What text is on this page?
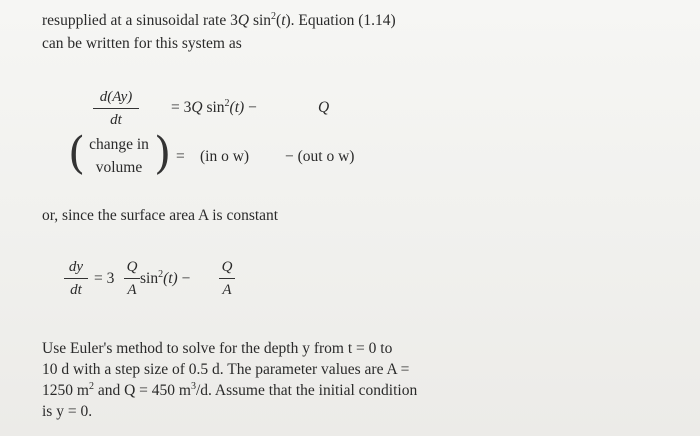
resupplied at a sinusoidal rate 3Q $\sin^2(t)$. Equation (1.14)
can be written for this system as
d(Ay)
dt
= 3Q $\sin^2(t)$ −	Q
( change in
volume ) = (in o w) − (out o w)
or, since the surface area A is constant
dy
dt
= 3
Q
A
$\sin^2(t)$ −
Q
A
Use Euler's method to solve for the depth y from t = 0 to
10 d with a step size of 0.5 d. The parameter values are A =
1250 $m^2$ and Q = 450 $m^3/d$. Assume that the initial condition
is y = 0.
